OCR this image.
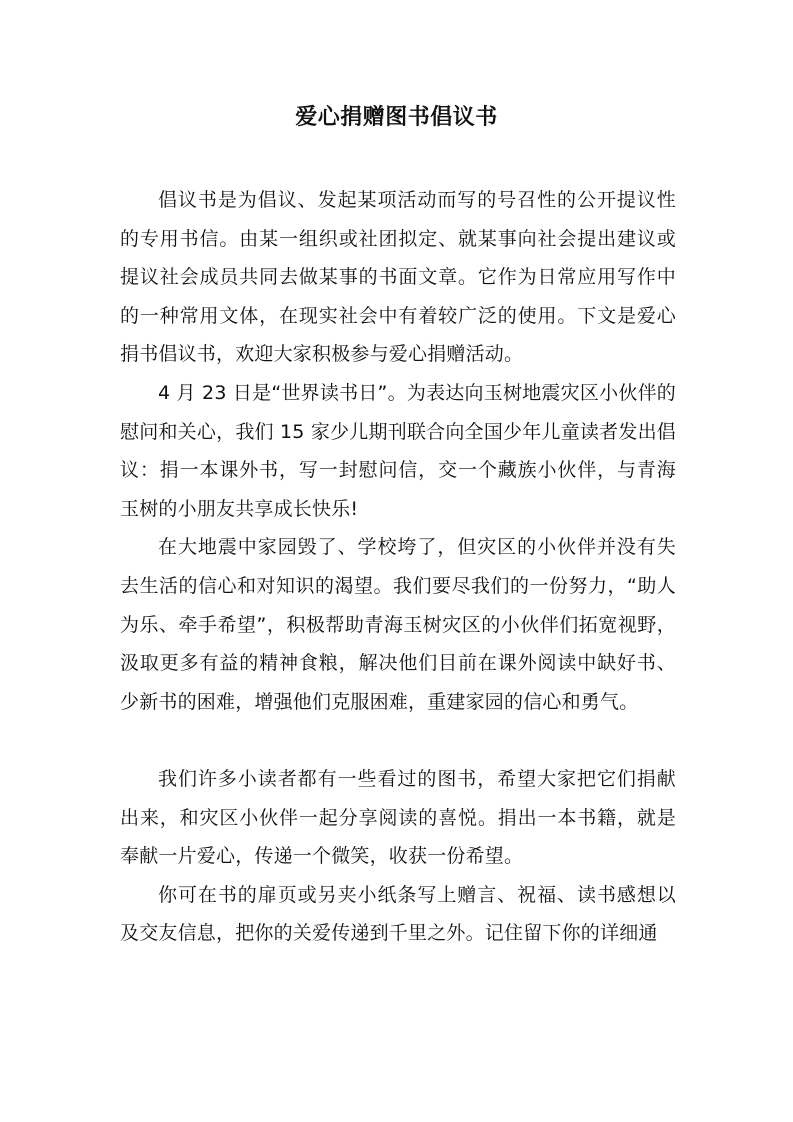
爱心捐赠图书倡议书

倡议书是为倡议、发起某项活动而写的号召性的公开提议性的专用书信。由某一组织或社团拟定、就某事向社会提出建议或提议社会成员共同去做某事的书面文章。它作为日常应用写作中的一种常用文体，在现实社会中有着较广泛的使用。下文是爱心捐书倡议书，欢迎大家积极参与爱心捐赠活动。

4 月 23 日是“世界读书日”。为表达向玉树地震灾区小伙伴的慰问和关心，我们 15 家少儿期刊联合向全国少年儿童读者发出倡议：捐一本课外书，写一封慰问信，交一个藏族小伙伴，与青海玉树的小朋友共享成长快乐!

在大地震中家园毁了、学校垮了，但灾区的小伙伴并没有失去生活的信心和对知识的渴望。我们要尽我们的一份努力，“助人为乐、牵手希望”，积极帮助青海玉树灾区的小伙伴们拓宽视野，汲取更多有益的精神食粮，解决他们目前在课外阅读中缺好书、少新书的困难，增强他们克服困难，重建家园的信心和勇气。

我们许多小读者都有一些看过的图书，希望大家把它们捐献出来，和灾区小伙伴一起分享阅读的喜悦。捐出一本书籍，就是奉献一片爱心，传递一个微笑，收获一份希望。

你可在书的扉页或另夹小纸条写上赠言、祝福、读书感想以及交友信息，把你的关爱传递到千里之外。记住留下你的详细通
